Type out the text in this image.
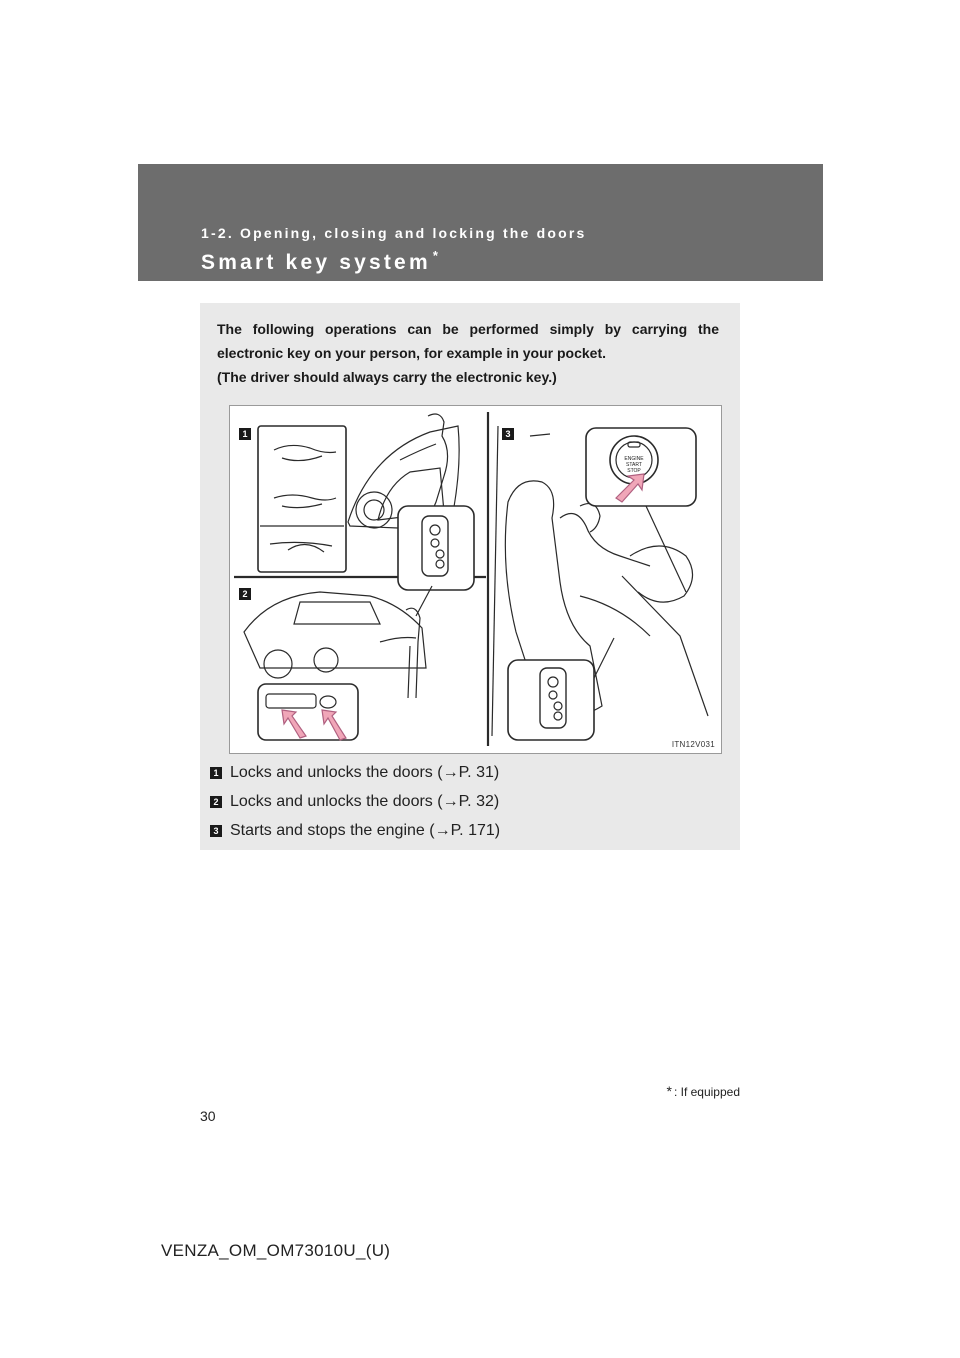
1-2. Opening, closing and locking the doors
Smart key system *

The following operations can be performed simply by carrying the electronic key on your person, for example in your pocket.

(The driver should always carry the electronic key.)

ENGINE
START
STOP
1
2
3
ITN12V031
1 Locks and unlocks the doors (→P. 31)
2 Locks and unlocks the doors (→P. 32)
3 Starts and stops the engine (→P. 171)
* : If equipped
30
VENZA_OM_OM73010U_(U)
